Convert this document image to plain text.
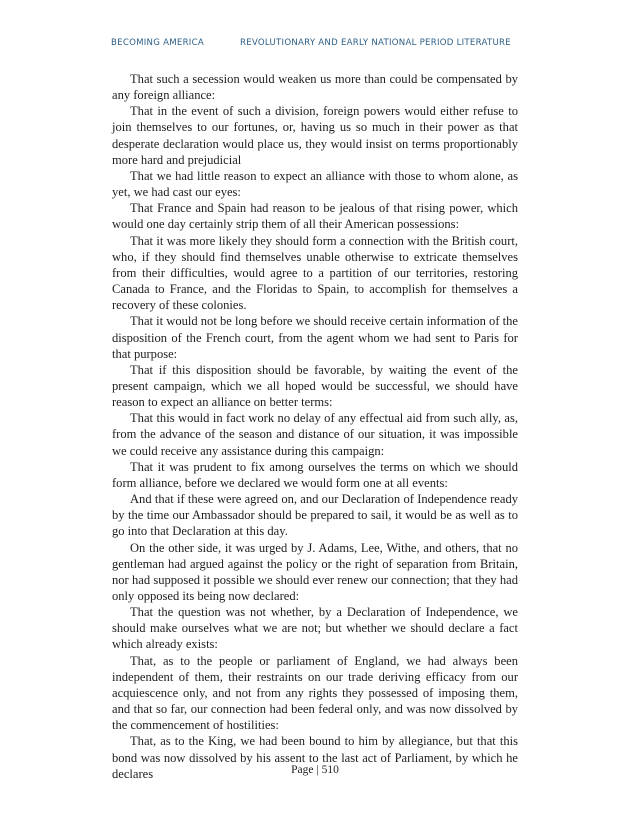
BECOMING AMERICA	REVOLUTIONARY AND EARLY NATIONAL PERIOD LITERATURE

That such a secession would weaken us more than could be compensated by any foreign alliance:

That in the event of such a division, foreign powers would either refuse to join themselves to our fortunes, or, having us so much in their power as that desperate declaration would place us, they would insist on terms proportionably more hard and prejudicial

That we had little reason to expect an alliance with those to whom alone, as yet, we had cast our eyes:

That France and Spain had reason to be jealous of that rising power, which would one day certainly strip them of all their American possessions:

That it was more likely they should form a connection with the British court, who, if they should find themselves unable otherwise to extricate themselves from their difficulties, would agree to a partition of our territories, restoring Canada to France, and the Floridas to Spain, to accomplish for themselves a recovery of these colonies.

That it would not be long before we should receive certain information of the disposition of the French court, from the agent whom we had sent to Paris for that purpose:

That if this disposition should be favorable, by waiting the event of the present campaign, which we all hoped would be successful, we should have reason to expect an alliance on better terms:

That this would in fact work no delay of any effectual aid from such ally, as, from the advance of the season and distance of our situation, it was impossible we could receive any assistance during this campaign:

That it was prudent to fix among ourselves the terms on which we should form alliance, before we declared we would form one at all events:

And that if these were agreed on, and our Declaration of Independence ready by the time our Ambassador should be prepared to sail, it would be as well as to go into that Declaration at this day.

On the other side, it was urged by J. Adams, Lee, Withe, and others, that no gentleman had argued against the policy or the right of separation from Britain, nor had supposed it possible we should ever renew our connection; that they had only opposed its being now declared:

That the question was not whether, by a Declaration of Independence, we should make ourselves what we are not; but whether we should declare a fact which already exists:

That, as to the people or parliament of England, we had always been independent of them, their restraints on our trade deriving efficacy from our acquiescence only, and not from any rights they possessed of imposing them, and that so far, our connection had been federal only, and was now dissolved by the commencement of hostilities:

That, as to the King, we had been bound to him by allegiance, but that this bond was now dissolved by his assent to the last act of Parliament, by which he declares	Page | 510
